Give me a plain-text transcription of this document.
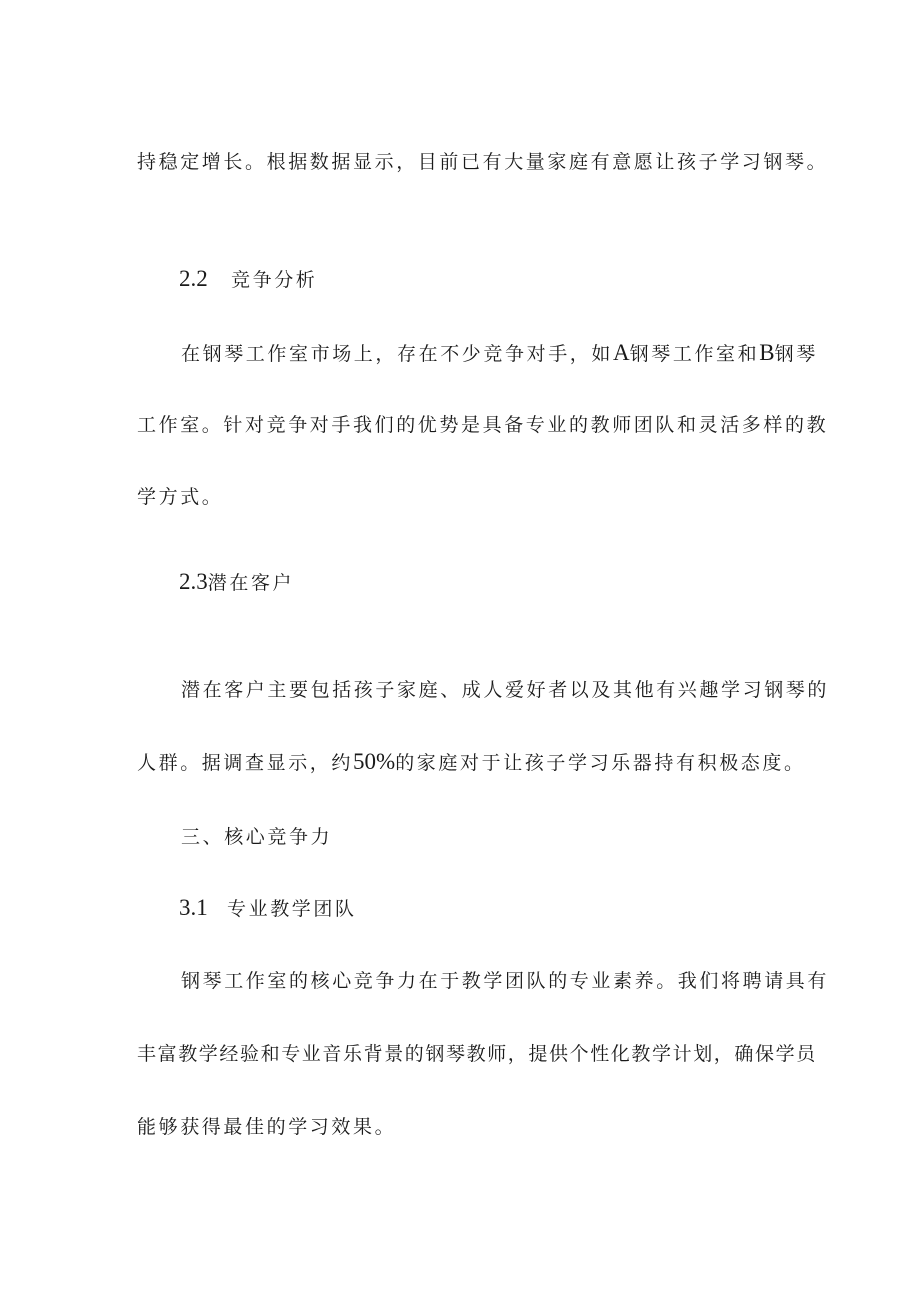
持稳定增长。根据数据显示，目前已有大量家庭有意愿让孩子学习钢琴。
2.2 竞争分析
在钢琴工作室市场上，存在不少竞争对手，如A钢琴工作室和B钢琴
工作室。针对竞争对手我们的优势是具备专业的教师团队和灵活多样的教
学方式。
2.3潜在客户
潜在客户主要包括孩子家庭、成人爱好者以及其他有兴趣学习钢琴的
人群。据调查显示，约50%的家庭对于让孩子学习乐器持有积极态度。
三、核心竞争力
3.1 专业教学团队
钢琴工作室的核心竞争力在于教学团队的专业素养。我们将聘请具有
丰富教学经验和专业音乐背景的钢琴教师，提供个性化教学计划，确保学员
能够获得最佳的学习效果。
